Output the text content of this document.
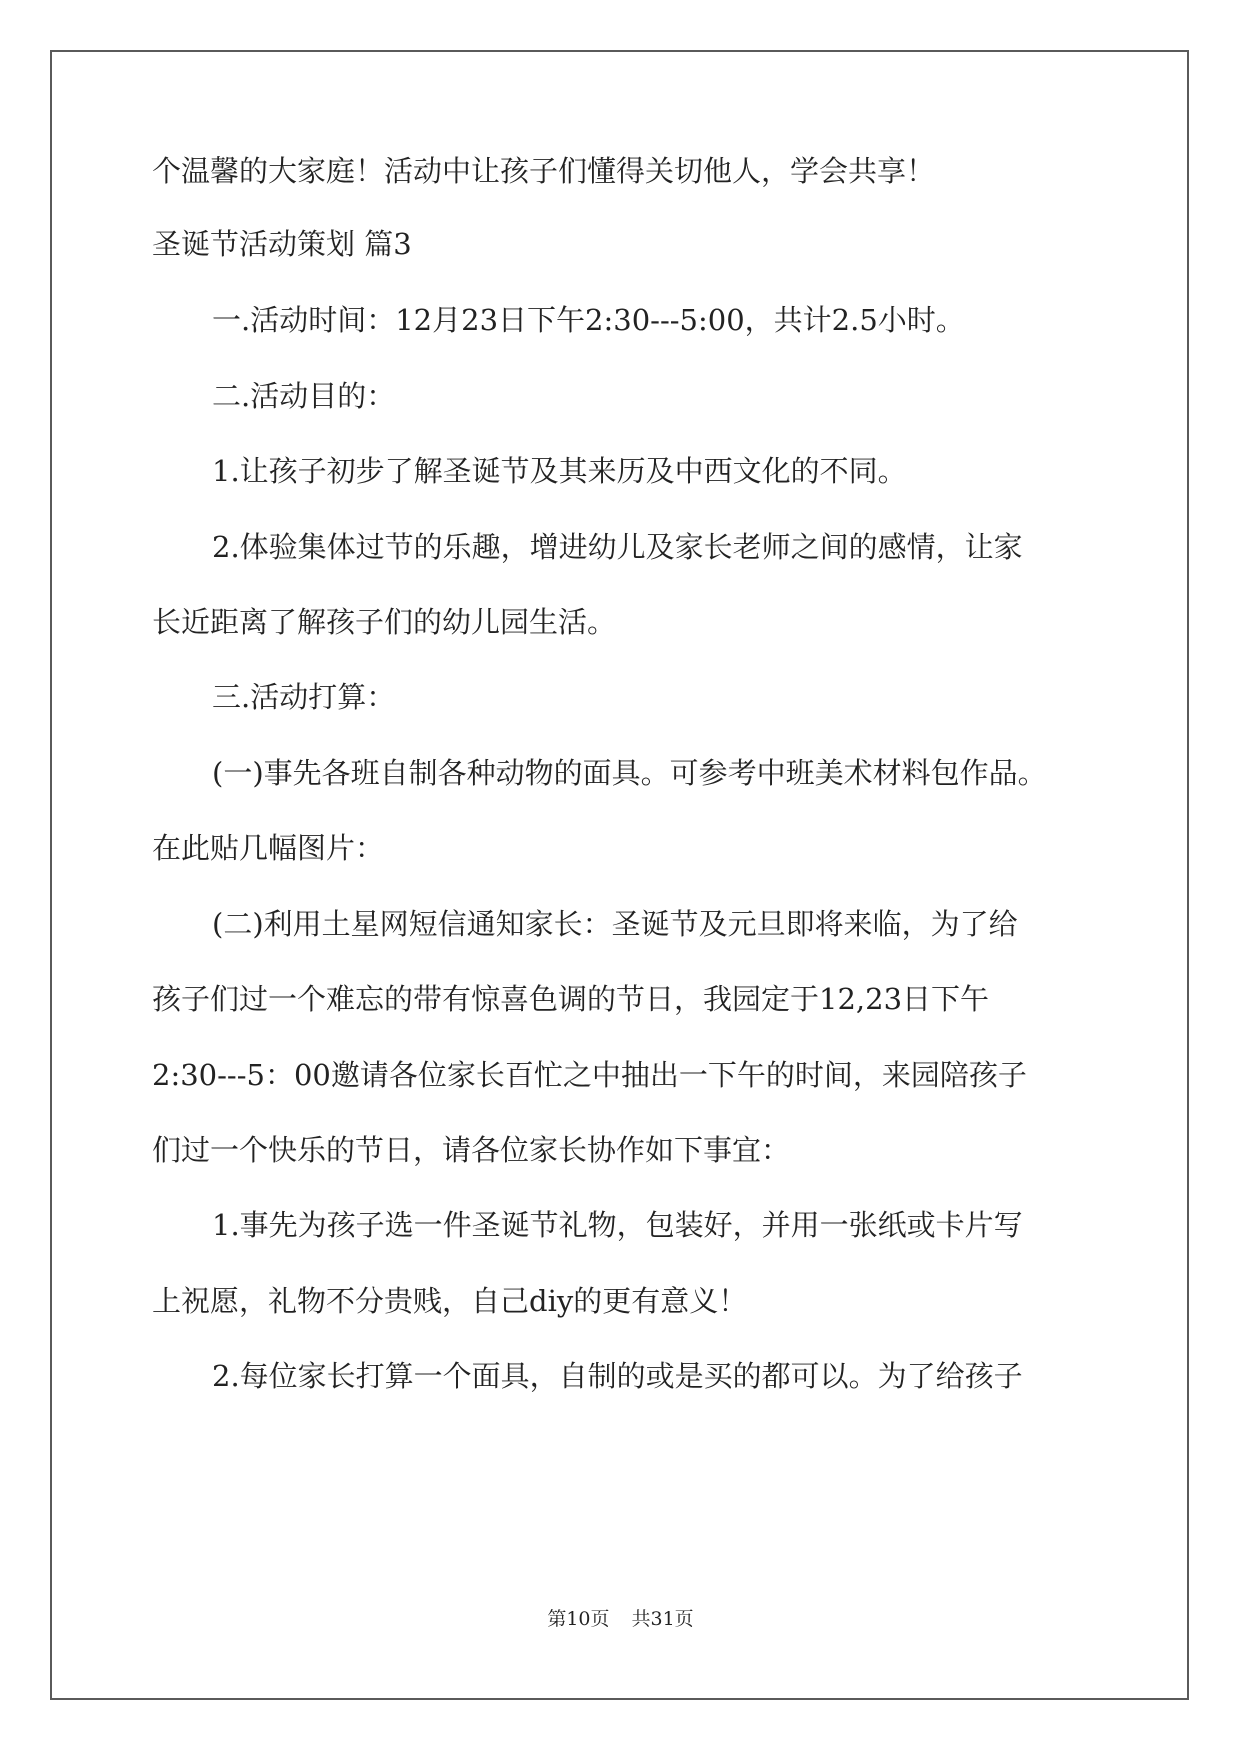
个温馨的大家庭！活动中让孩子们懂得关切他人，学会共享！

圣诞节活动策划 篇3

一.活动时间：12月23日下午2:30---5:00，共计2.5小时。

二.活动目的：

1.让孩子初步了解圣诞节及其来历及中西文化的不同。

2.体验集体过节的乐趣，增进幼儿及家长老师之间的感情，让家

长近距离了解孩子们的幼儿园生活。

三.活动打算：

(一)事先各班自制各种动物的面具。可参考中班美术材料包作品。

在此贴几幅图片：

(二)利用土星网短信通知家长：圣诞节及元旦即将来临，为了给

孩子们过一个难忘的带有惊喜色调的节日，我园定于12,23日下午

2:30---5：00邀请各位家长百忙之中抽出一下午的时间，来园陪孩子

们过一个快乐的节日，请各位家长协作如下事宜：

1.事先为孩子选一件圣诞节礼物，包装好，并用一张纸或卡片写

上祝愿，礼物不分贵贱，自己diy的更有意义！

2.每位家长打算一个面具，自制的或是买的都可以。为了给孩子

第10页 共31页
